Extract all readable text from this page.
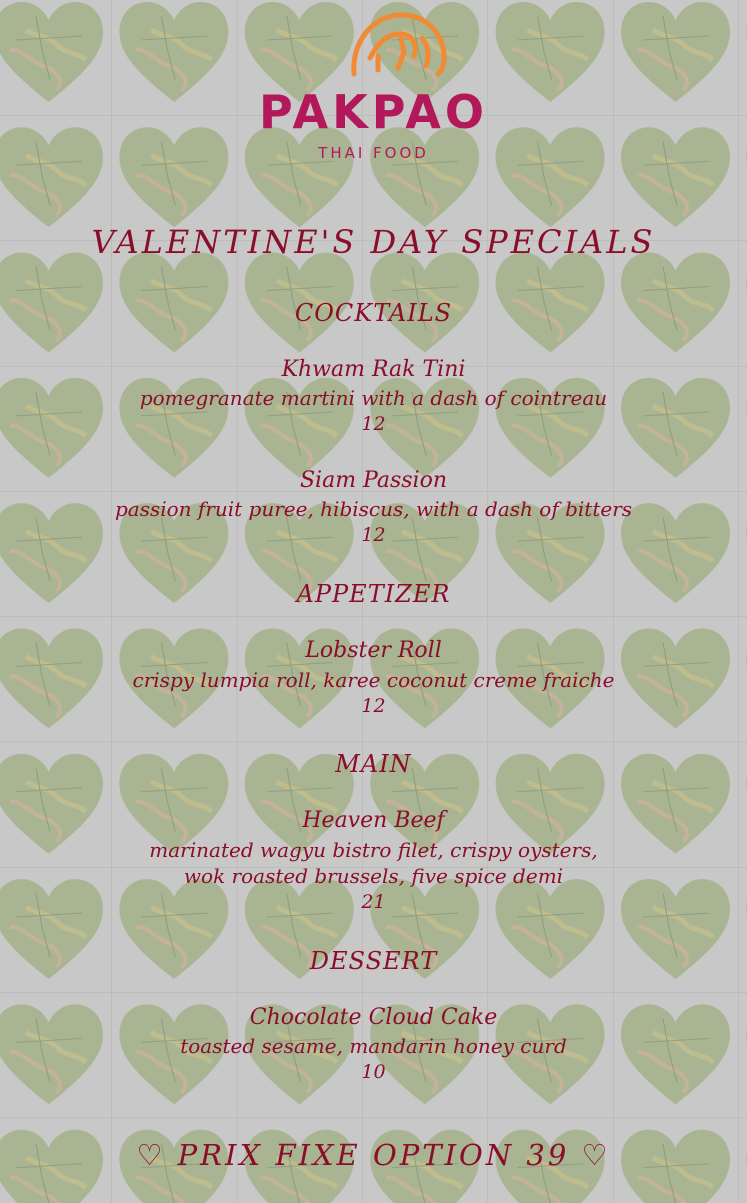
PAKPAO
THAI FOOD
VALENTINE'S DAY SPECIALS
COCKTAILS
Khwam Rak Tini
pomegranate martini with a dash of cointreau
12
Siam Passion
passion fruit puree, hibiscus, with a dash of bitters
12
APPETIZER
Lobster Roll
crispy lumpia roll, karee coconut creme fraiche
12
MAIN
Heaven Beef
marinated wagyu bistro filet, crispy oysters,
wok roasted brussels, five spice demi
21
DESSERT
Chocolate Cloud Cake
toasted sesame, mandarin honey curd
10
♡ PRIX FIXE OPTION 39 ♡
